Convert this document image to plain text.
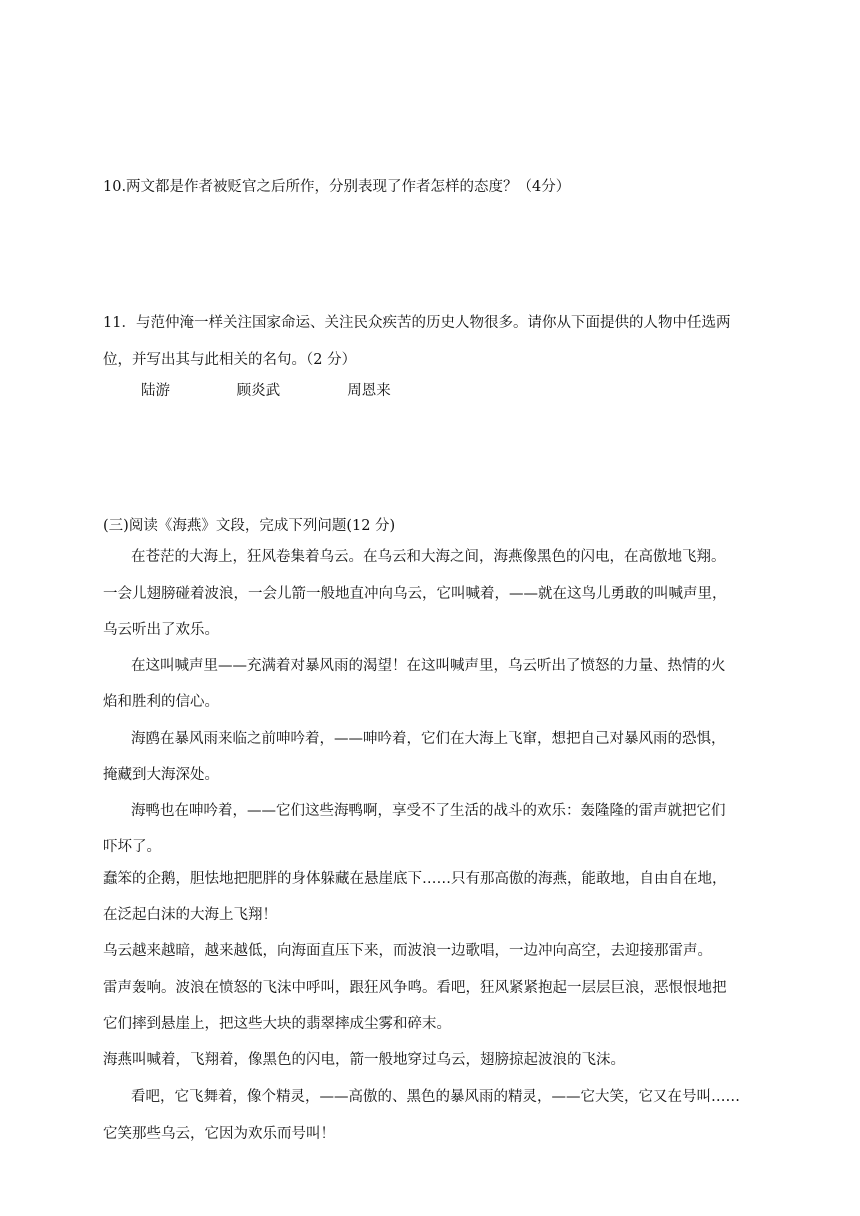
10.两文都是作者被贬官之后所作，分别表现了作者怎样的态度？（4分）
11．与范仲淹一样关注国家命运、关注民众疾苦的历史人物很多。请你从下面提供的人物中任选两
位，并写出其与此相关的名句。（2 分）
陆游	顾炎武	周恩来
(三)阅读《海燕》文段，完成下列问题(12 分)
在苍茫的大海上，狂风卷集着乌云。在乌云和大海之间，海燕像黑色的闪电，在高傲地飞翔。
一会儿翅膀碰着波浪，一会儿箭一般地直冲向乌云，它叫喊着，——就在这鸟儿勇敢的叫喊声里，
乌云听出了欢乐。
在这叫喊声里——充满着对暴风雨的渴望！在这叫喊声里，乌云听出了愤怒的力量、热情的火
焰和胜利的信心。
海鸥在暴风雨来临之前呻吟着，——呻吟着，它们在大海上飞窜，想把自己对暴风雨的恐惧，
掩藏到大海深处。
海鸭也在呻吟着，——它们这些海鸭啊，享受不了生活的战斗的欢乐：轰隆隆的雷声就把它们
吓坏了。
蠢笨的企鹅，胆怯地把肥胖的身体躲藏在悬崖底下……只有那高傲的海燕，能敢地，自由自在地，
在泛起白沫的大海上飞翔！
乌云越来越暗，越来越低，向海面直压下来，而波浪一边歌唱，一边冲向高空，去迎接那雷声。
雷声轰响。波浪在愤怒的飞沫中呼叫，跟狂风争鸣。看吧，狂风紧紧抱起一层层巨浪，恶恨恨地把
它们摔到悬崖上，把这些大块的翡翠摔成尘雾和碎末。
海燕叫喊着，飞翔着，像黑色的闪电，箭一般地穿过乌云，翅膀掠起波浪的飞沫。
看吧，它飞舞着，像个精灵，——高傲的、黑色的暴风雨的精灵，——它大笑，它又在号叫……
它笑那些乌云，它因为欢乐而号叫！
